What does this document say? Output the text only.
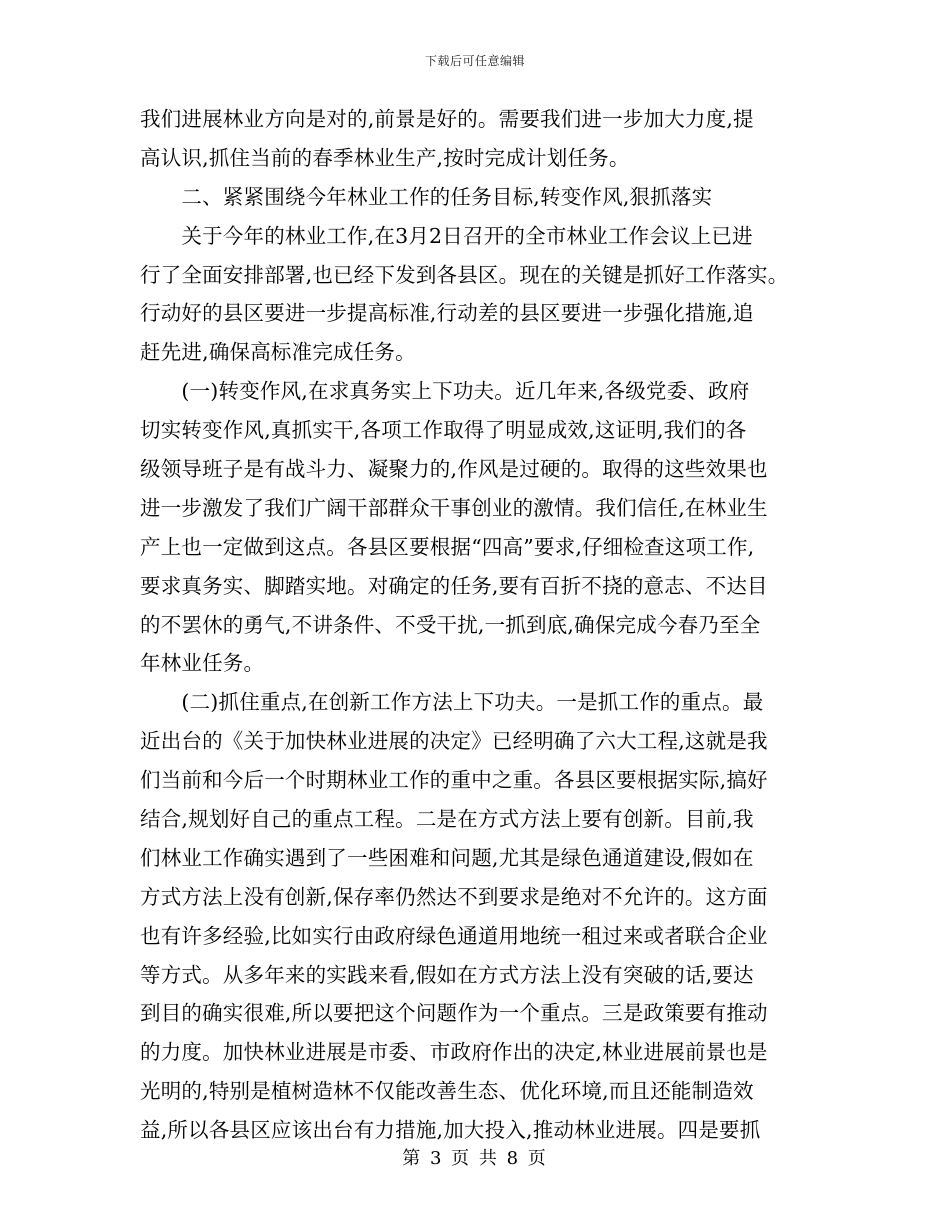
下载后可任意编辑
我们进展林业方向是对的,前景是好的。需要我们进一步加大力度,提
高认识,抓住当前的春季林业生产,按时完成计划任务。
　　二、紧紧围绕今年林业工作的任务目标,转变作风,狠抓落实
　　关于今年的林业工作,在3月2日召开的全市林业工作会议上已进
行了全面安排部署,也已经下发到各县区。现在的关键是抓好工作落实。
行动好的县区要进一步提高标准,行动差的县区要进一步强化措施,追
赶先进,确保高标准完成任务。
　　(一)转变作风,在求真务实上下功夫。近几年来,各级党委、政府
切实转变作风,真抓实干,各项工作取得了明显成效,这证明,我们的各
级领导班子是有战斗力、凝聚力的,作风是过硬的。取得的这些效果也
进一步激发了我们广阔干部群众干事创业的激情。我们信任,在林业生
产上也一定做到这点。各县区要根据“四高”要求,仔细检查这项工作,
要求真务实、脚踏实地。对确定的任务,要有百折不挠的意志、不达目
的不罢休的勇气,不讲条件、不受干扰,一抓到底,确保完成今春乃至全
年林业任务。
　　(二)抓住重点,在创新工作方法上下功夫。一是抓工作的重点。最
近出台的《关于加快林业进展的决定》已经明确了六大工程,这就是我
们当前和今后一个时期林业工作的重中之重。各县区要根据实际,搞好
结合,规划好自己的重点工程。二是在方式方法上要有创新。目前,我
们林业工作确实遇到了一些困难和问题,尤其是绿色通道建设,假如在
方式方法上没有创新,保存率仍然达不到要求是绝对不允许的。这方面
也有许多经验,比如实行由政府绿色通道用地统一租过来或者联合企业
等方式。从多年来的实践来看,假如在方式方法上没有突破的话,要达
到目的确实很难,所以要把这个问题作为一个重点。三是政策要有推动
的力度。加快林业进展是市委、市政府作出的决定,林业进展前景也是
光明的,特别是植树造林不仅能改善生态、优化环境,而且还能制造效
益,所以各县区应该出台有力措施,加大投入,推动林业进展。四是要抓
第 3 页 共 8 页
